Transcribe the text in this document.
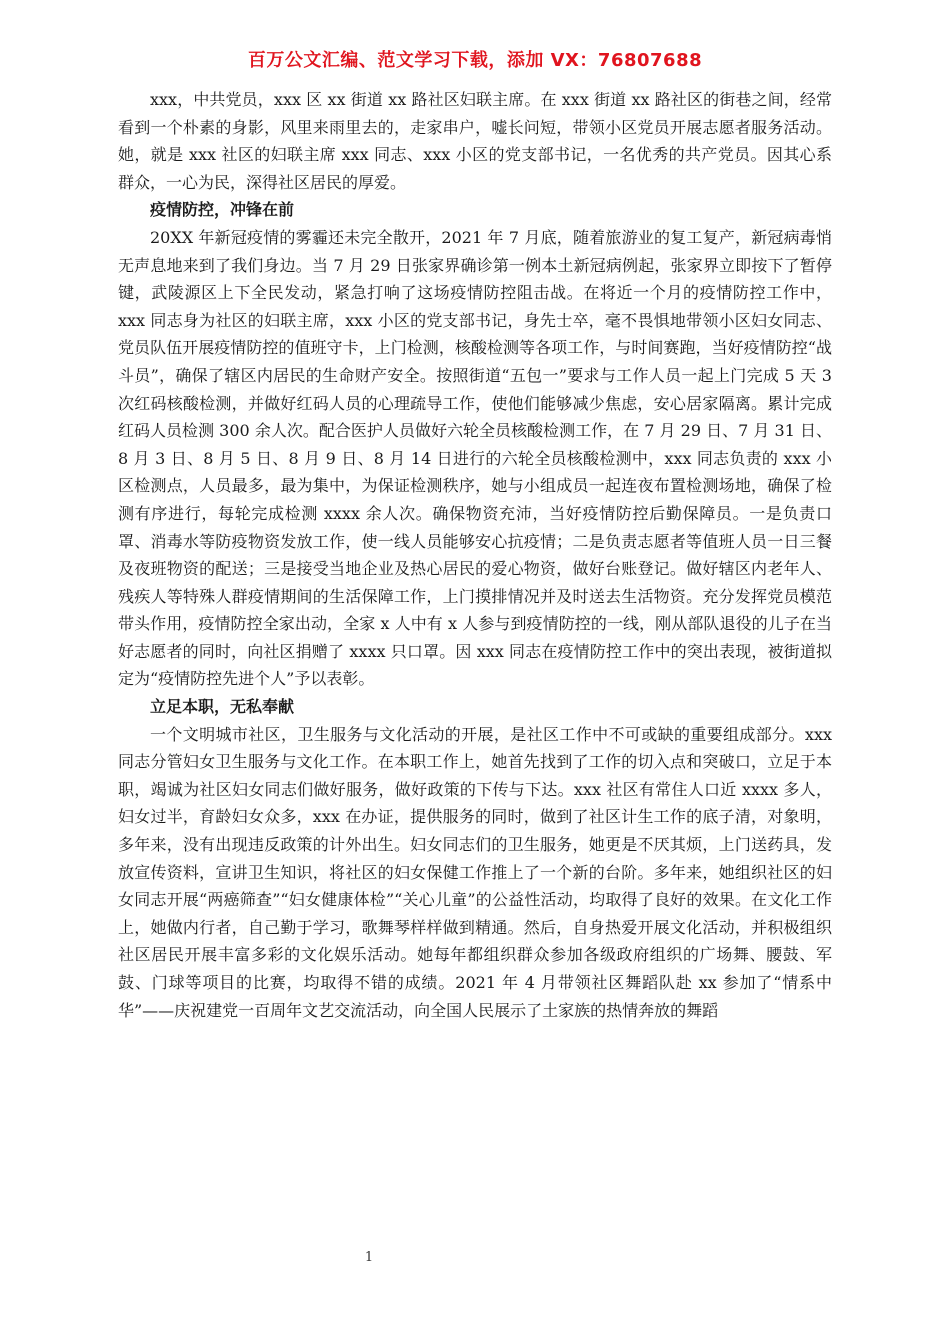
百万公文汇编、范文学习下载，添加 VX：76807688

xxx，中共党员，xxx 区 xx 街道 xx 路社区妇联主席。在 xxx 街道 xx 路社区的街巷之间，经常看到一个朴素的身影，风里来雨里去的，走家串户，嘘长问短，带领小区党员开展志愿者服务活动。她，就是 xxx 社区的妇联主席 xxx 同志、xxx 小区的党支部书记，一名优秀的共产党员。因其心系群众，一心为民，深得社区居民的厚爱。

疫情防控，冲锋在前

20XX 年新冠疫情的雾霾还未完全散开，2021 年 7 月底，随着旅游业的复工复产，新冠病毒悄无声息地来到了我们身边。当 7 月 29 日张家界确诊第一例本土新冠病例起，张家界立即按下了暂停键，武陵源区上下全民发动，紧急打响了这场疫情防控阻击战。在将近一个月的疫情防控工作中，xxx 同志身为社区的妇联主席，xxx 小区的党支部书记，身先士卒，毫不畏惧地带领小区妇女同志、党员队伍开展疫情防控的值班守卡，上门检测，核酸检测等各项工作，与时间赛跑，当好疫情防控“战斗员”，确保了辖区内居民的生命财产安全。按照街道“五包一”要求与工作人员一起上门完成 5 天 3 次红码核酸检测，并做好红码人员的心理疏导工作，使他们能够减少焦虑，安心居家隔离。累计完成红码人员检测 300 余人次。配合医护人员做好六轮全员核酸检测工作，在 7 月 29 日、7 月 31 日、8 月 3 日、8 月 5 日、8 月 9 日、8 月 14 日进行的六轮全员核酸检测中，xxx 同志负责的 xxx 小区检测点，人员最多，最为集中，为保证检测秩序，她与小组成员一起连夜布置检测场地，确保了检测有序进行，每轮完成检测 xxxx 余人次。确保物资充沛，当好疫情防控后勤保障员。一是负责口罩、消毒水等防疫物资发放工作，使一线人员能够安心抗疫情；二是负责志愿者等值班人员一日三餐及夜班物资的配送；三是接受当地企业及热心居民的爱心物资，做好台账登记。做好辖区内老年人、残疾人等特殊人群疫情期间的生活保障工作，上门摸排情况并及时送去生活物资。充分发挥党员模范带头作用，疫情防控全家出动，全家 x 人中有 x 人参与到疫情防控的一线，刚从部队退役的儿子在当好志愿者的同时，向社区捐赠了 xxxx 只口罩。因 xxx 同志在疫情防控工作中的突出表现，被街道拟定为“疫情防控先进个人”予以表彰。

立足本职，无私奉献

一个文明城市社区，卫生服务与文化活动的开展，是社区工作中不可或缺的重要组成部分。xxx 同志分管妇女卫生服务与文化工作。在本职工作上，她首先找到了工作的切入点和突破口，立足于本职，竭诚为社区妇女同志们做好服务，做好政策的下传与下达。xxx 社区有常住人口近 xxxx 多人，妇女过半，育龄妇女众多，xxx 在办证，提供服务的同时，做到了社区计生工作的底子清，对象明，多年来，没有出现违反政策的计外出生。妇女同志们的卫生服务，她更是不厌其烦，上门送药具，发放宣传资料，宣讲卫生知识，将社区的妇女保健工作推上了一个新的台阶。多年来，她组织社区的妇女同志开展“两癌筛查”“妇女健康体检”“关心儿童”的公益性活动，均取得了良好的效果。在文化工作上，她做内行者，自己勤于学习，歌舞琴样样做到精通。然后，自身热爱开展文化活动，并积极组织社区居民开展丰富多彩的文化娱乐活动。她每年都组织群众参加各级政府组织的广场舞、腰鼓、军鼓、门球等项目的比赛，均取得不错的成绩。2021 年 4 月带领社区舞蹈队赴 xx 参加了“情系中华”——庆祝建党一百周年文艺交流活动，向全国人民展示了土家族的热情奔放的舞蹈

1
